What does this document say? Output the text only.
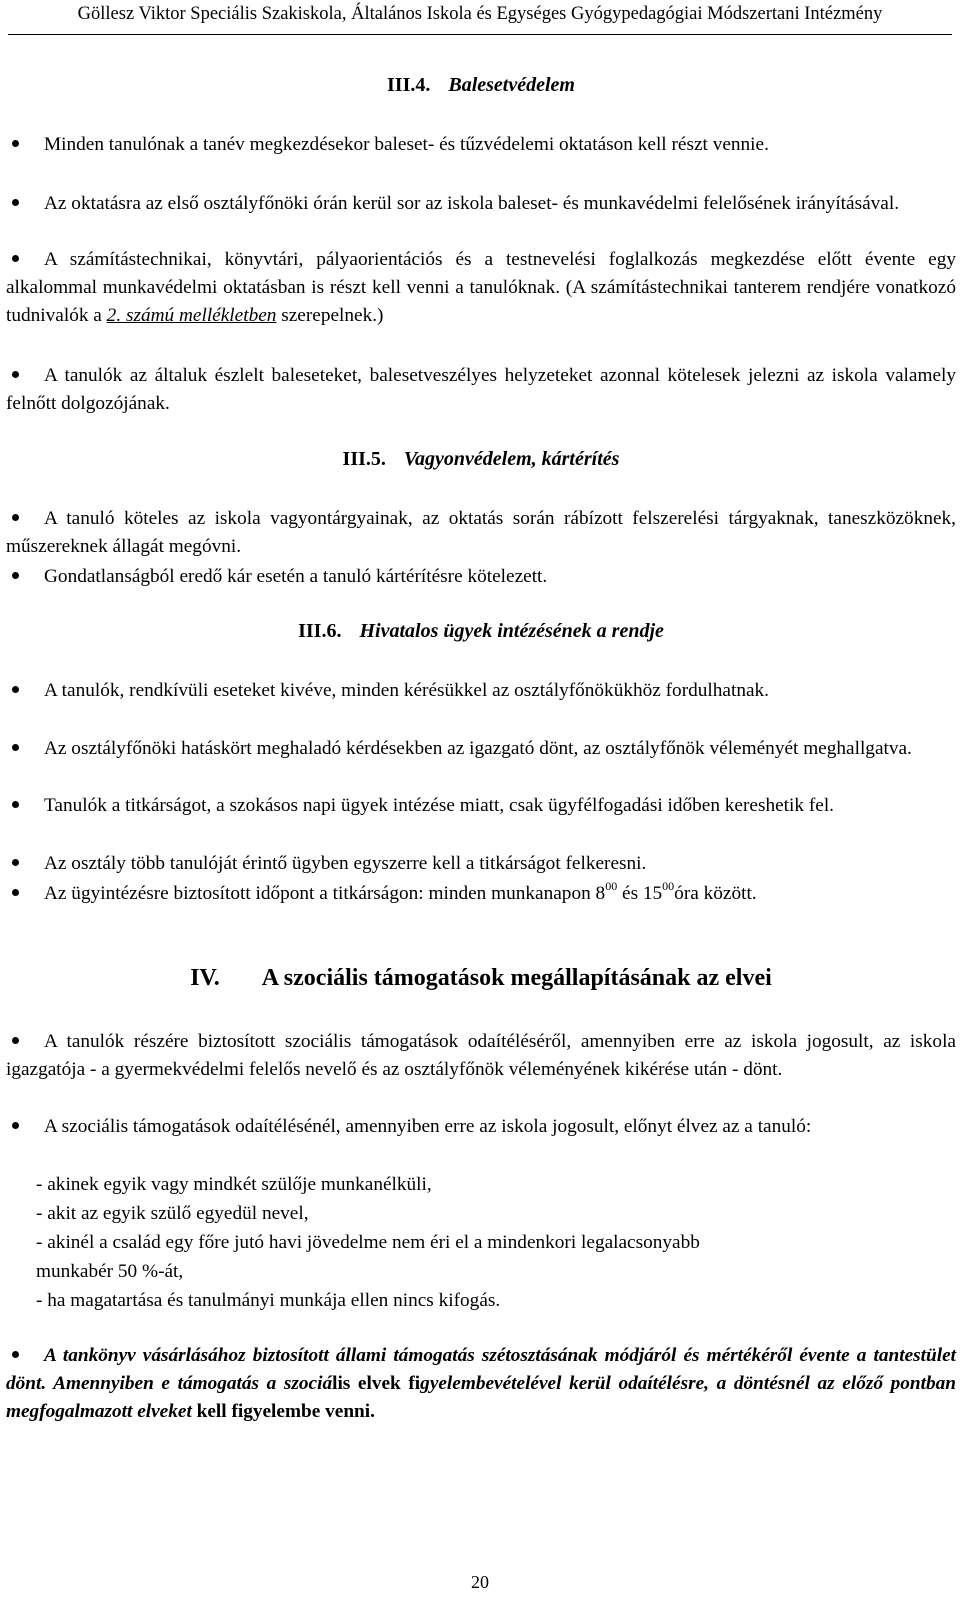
Göllesz Viktor Speciális Szakiskola, Általános Iskola és Egységes Gyógypedagógiai Módszertani Intézmény
III.4. Balesetvédelem
Minden tanulónak a tanév megkezdésekor baleset- és tűzvédelemi oktatáson kell részt vennie.
Az oktatásra az első osztályfőnöki órán kerül sor az iskola baleset- és munkavédelmi felelősének irányításával.
A számítástechnikai, könyvtári, pályaorientációs és a testnevelési foglalkozás megkezdése előtt évente egy alkalommal munkavédelmi oktatásban is részt kell venni a tanulóknak. (A számítástechnikai tanterem rendjére vonatkozó tudnivalók a 2. számú mellékletben szerepelnek.)
A tanulók az általuk észlelt baleseteket, balesetveszélyes helyzeteket azonnal kötelesek jelezni az iskola valamely felnőtt dolgozójának.
III.5. Vagyonvédelem, kártérítés
A tanuló köteles az iskola vagyontárgyainak, az oktatás során rábízott felszerelési tárgyaknak, taneszközöknek, műszereknek állagát megóvni.
Gondatlanságból eredő kár esetén a tanuló kártérítésre kötelezett.
III.6. Hivatalos ügyek intézésének a rendje
A tanulók, rendkívüli eseteket kivéve, minden kérésükkel az osztályfőnökükhöz fordulhatnak.
Az osztályfőnöki hatáskört meghaladó kérdésekben az igazgató dönt, az osztályfőnök véleményét meghallgatva.
Tanulók a titkárságot, a szokásos napi ügyek intézése miatt, csak ügyfélfogadási időben kereshetik fel.
Az osztály több tanulóját érintő ügyben egyszerre kell a titkárságot felkeresni.
Az ügyintézésre biztosított időpont a titkárságon: minden munkanapon $8^{00}$ és $15^{00}óra$ között.
IV. A szociális támogatások megállapításának az elvei
A tanulók részére biztosított szociális támogatások odaítéléséről, amennyiben erre az iskola jogosult, az iskola igazgatója - a gyermekvédelmi felelős nevelő és az osztályfőnök véleményének kikérése után - dönt.
A szociális támogatások odaítélésénél, amennyiben erre az iskola jogosult, előnyt élvez az a tanuló:
- akinek egyik vagy mindkét szülője munkanélküli,
- akit az egyik szülő egyedül nevel,
- akinél a család egy főre jutó havi jövedelme nem éri el a mindenkori legalacsonyabb
munkabér 50 %-át,
- ha magatartása és tanulmányi munkája ellen nincs kifogás.
A tankönyv vásárlásához biztosított állami támogatás szétosztásának módjáról és mértékéről évente a tantestület dönt. Amennyiben e támogatás a szociális elvek figyelembevételével kerül odaítélésre, a döntésnél az előző pontban megfogalmazott elveket kell figyelembe venni.
20
